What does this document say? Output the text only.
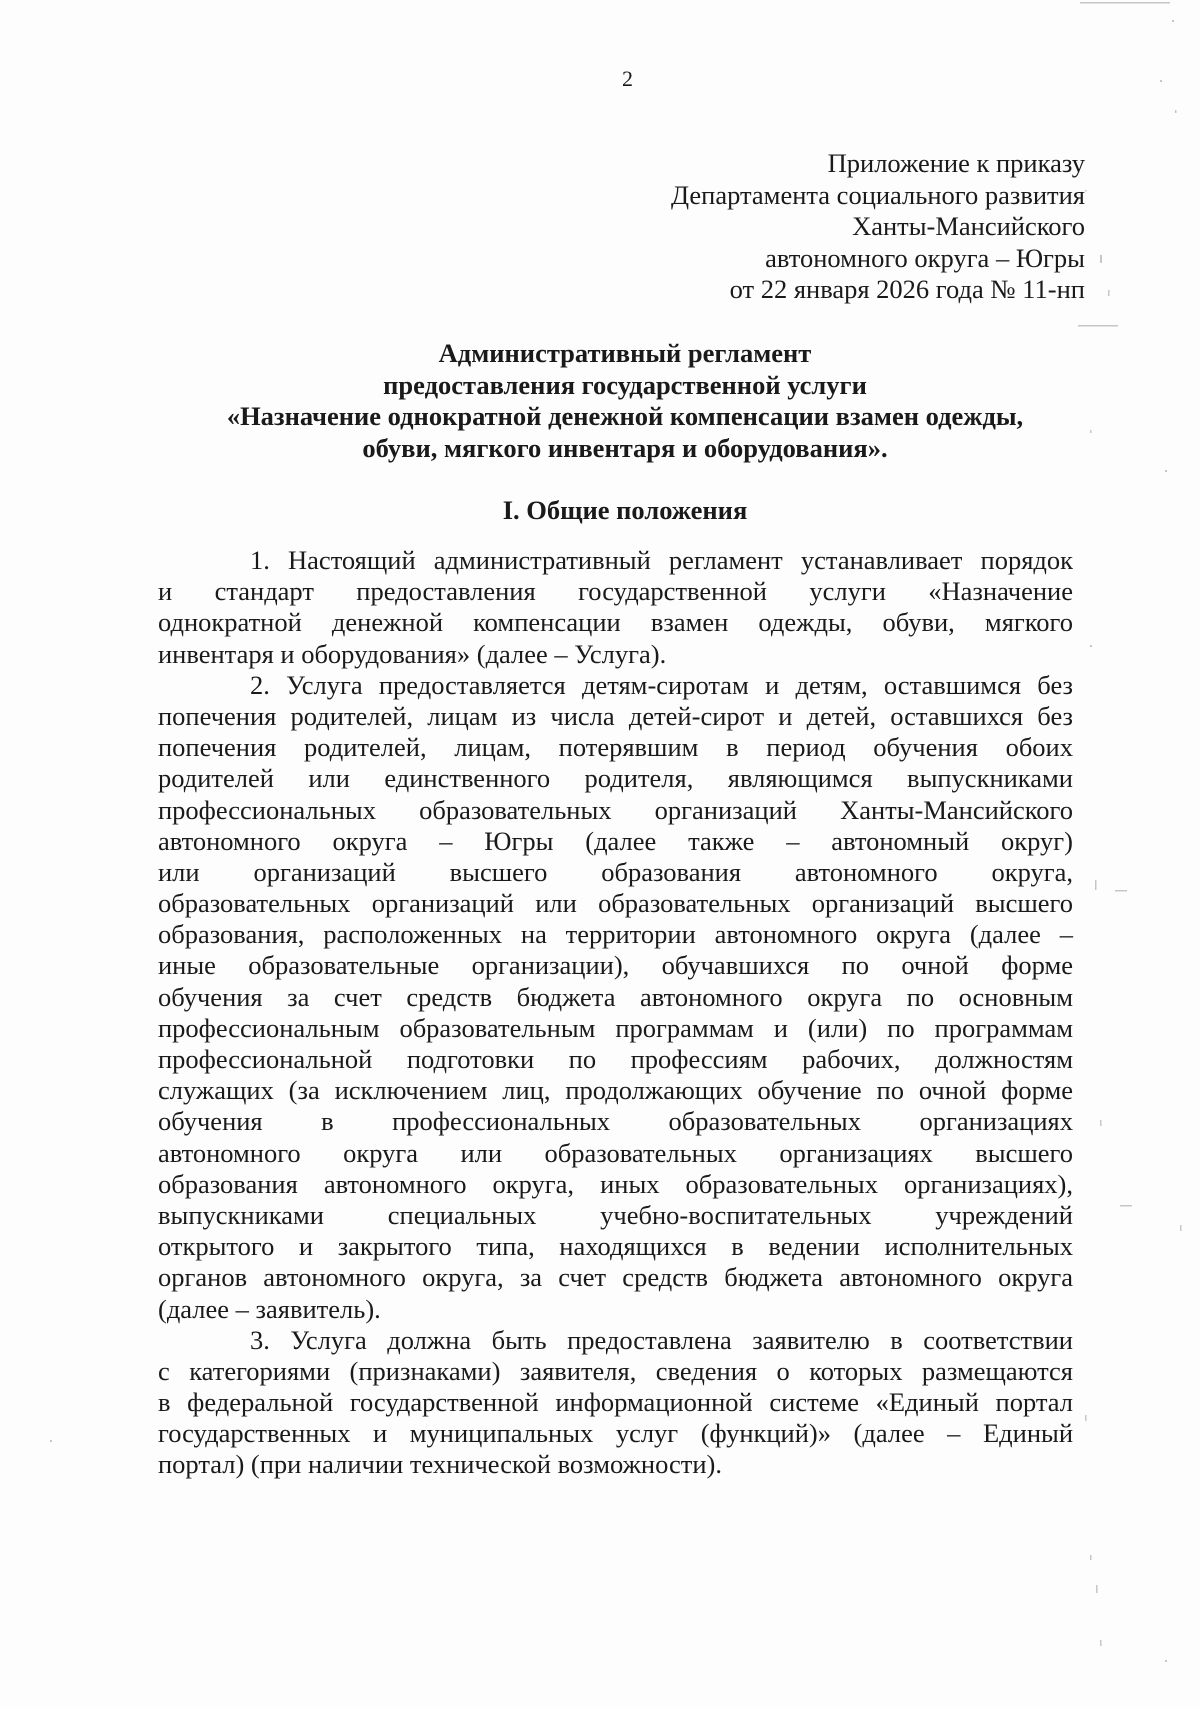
2
Приложение к приказу
Департамента социального развития
Ханты-Мансийского
автономного округа – Югры
от 22 января 2026 года № 11-нп
Административный регламент
предоставления государственной услуги
«Назначение однократной денежной компенсации взамен одежды,
обуви, мягкого инвентаря и оборудования».
I. Общие положения
1. Настоящий административный регламент устанавливает порядок
и стандарт предоставления государственной услуги «Назначение
однократной денежной компенсации взамен одежды, обуви, мягкого
инвентаря и оборудования» (далее – Услуга).
2. Услуга предоставляется детям-сиротам и детям, оставшимся без
попечения родителей, лицам из числа детей-сирот и детей, оставшихся без
попечения родителей, лицам, потерявшим в период обучения обоих
родителей или единственного родителя, являющимся выпускниками
профессиональных образовательных организаций Ханты-Мансийского
автономного округа – Югры (далее также – автономный округ)
или организаций высшего образования автономного округа,
образовательных организаций или образовательных организаций высшего
образования, расположенных на территории автономного округа (далее –
иные образовательные организации), обучавшихся по очной форме
обучения за счет средств бюджета автономного округа по основным
профессиональным образовательным программам и (или) по программам
профессиональной подготовки по профессиям рабочих, должностям
служащих (за исключением лиц, продолжающих обучение по очной форме
обучения в профессиональных образовательных организациях
автономного округа или образовательных организациях высшего
образования автономного округа, иных образовательных организациях),
выпускниками специальных учебно-воспитательных учреждений
открытого и закрытого типа, находящихся в ведении исполнительных
органов автономного округа, за счет средств бюджета автономного округа
(далее – заявитель).
3. Услуга должна быть предоставлена заявителю в соответствии
с категориями (признаками) заявителя, сведения о которых размещаются
в федеральной государственной информационной системе «Единый портал
государственных и муниципальных услуг (функций)» (далее – Единый
портал) (при наличии технической возможности).
